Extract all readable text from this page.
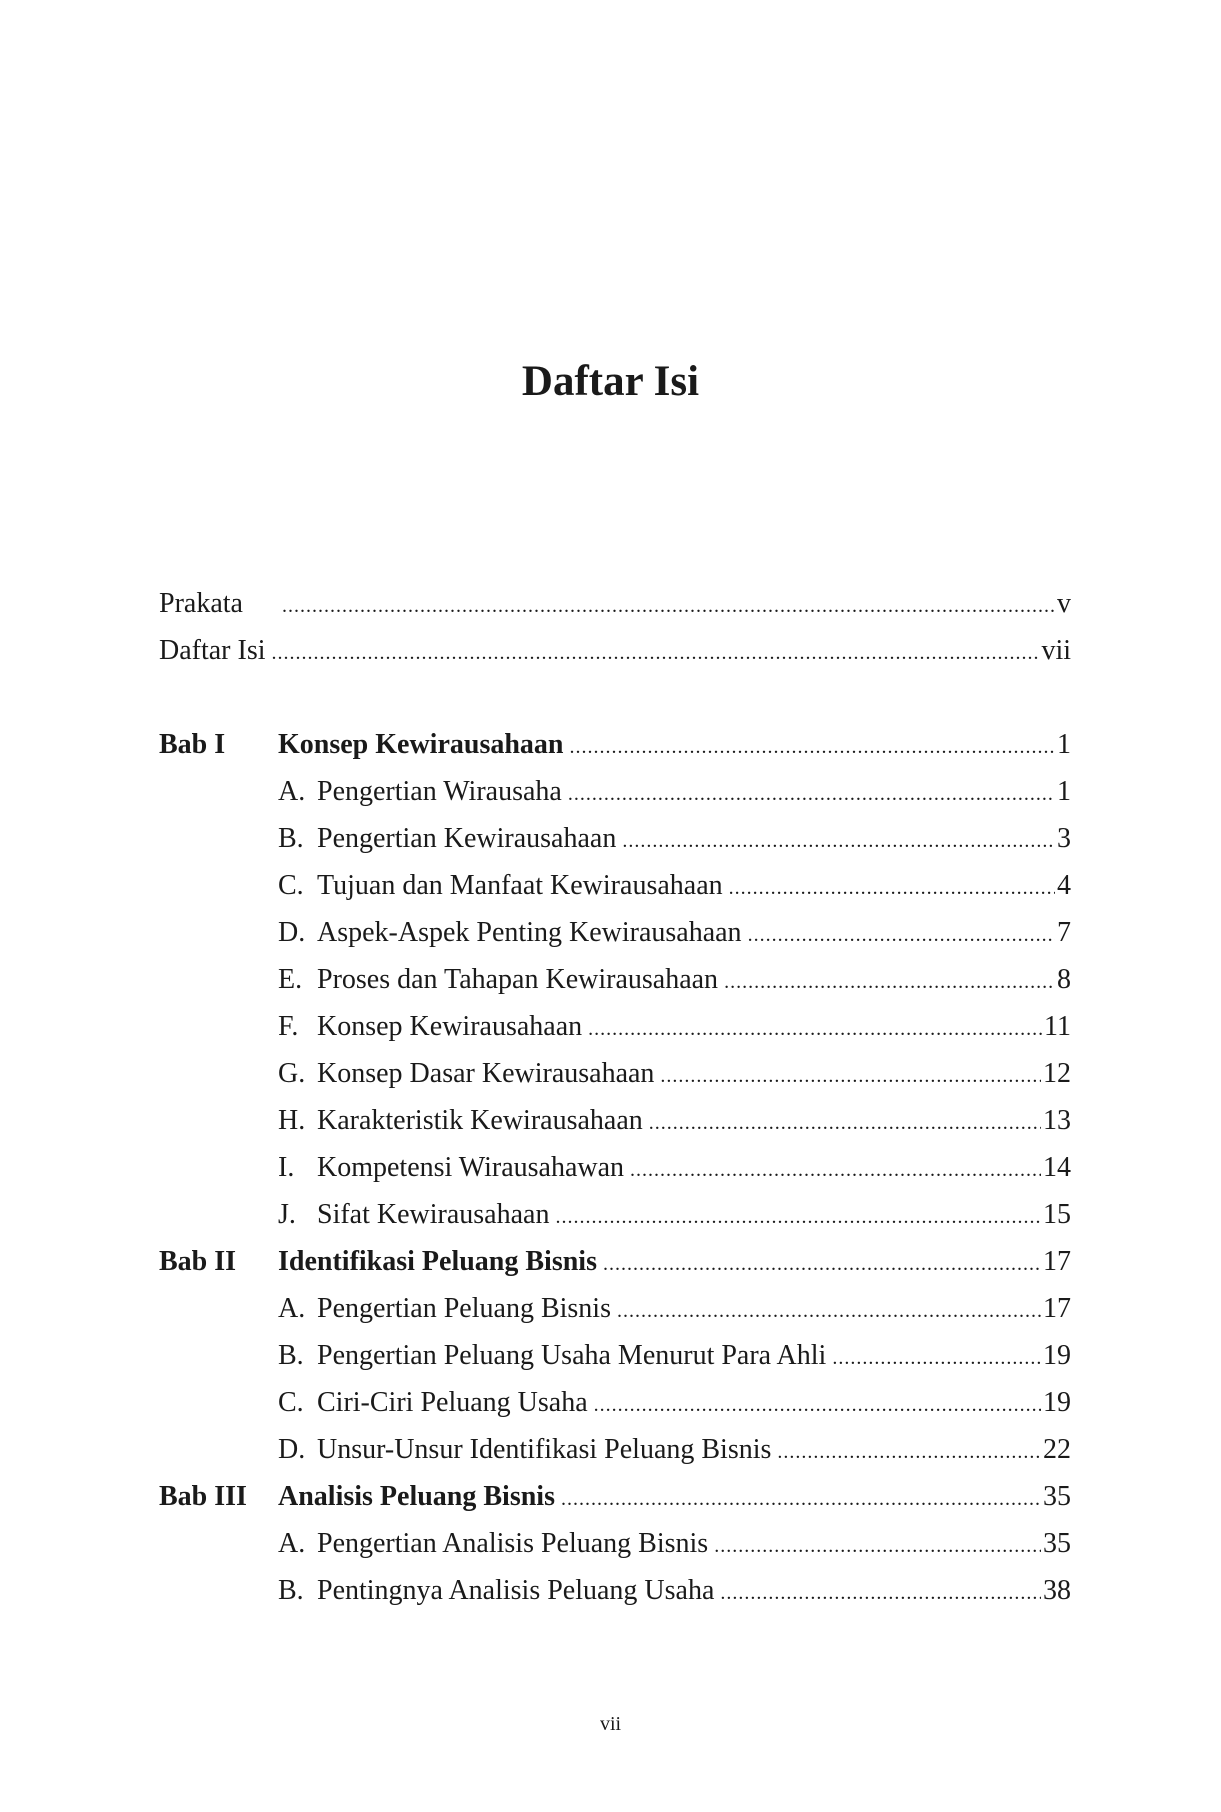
Daftar Isi
Prakata .....	v
Daftar Isi .....	vii
Bab I	Konsep Kewirausahaan .....	1
A. Pengertian Wirausaha .....	1
B. Pengertian Kewirausahaan .....	3
C. Tujuan dan Manfaat Kewirausahaan .....	4
D. Aspek-Aspek Penting Kewirausahaan .....	7
E. Proses dan Tahapan Kewirausahaan .....	8
F. Konsep Kewirausahaan .....	11
G. Konsep Dasar Kewirausahaan .....	12
H. Karakteristik Kewirausahaan .....	13
I. Kompetensi Wirausahawan .....	14
J. Sifat Kewirausahaan .....	15
Bab II	Identifikasi Peluang Bisnis .....	17
A. Pengertian Peluang Bisnis .....	17
B. Pengertian Peluang Usaha Menurut Para Ahli .....	19
C. Ciri-Ciri Peluang Usaha .....	19
D. Unsur-Unsur Identifikasi Peluang Bisnis .....	22
Bab III	Analisis Peluang Bisnis .....	35
A. Pengertian Analisis Peluang Bisnis .....	35
B. Pentingnya Analisis Peluang Usaha .....	38
vii
